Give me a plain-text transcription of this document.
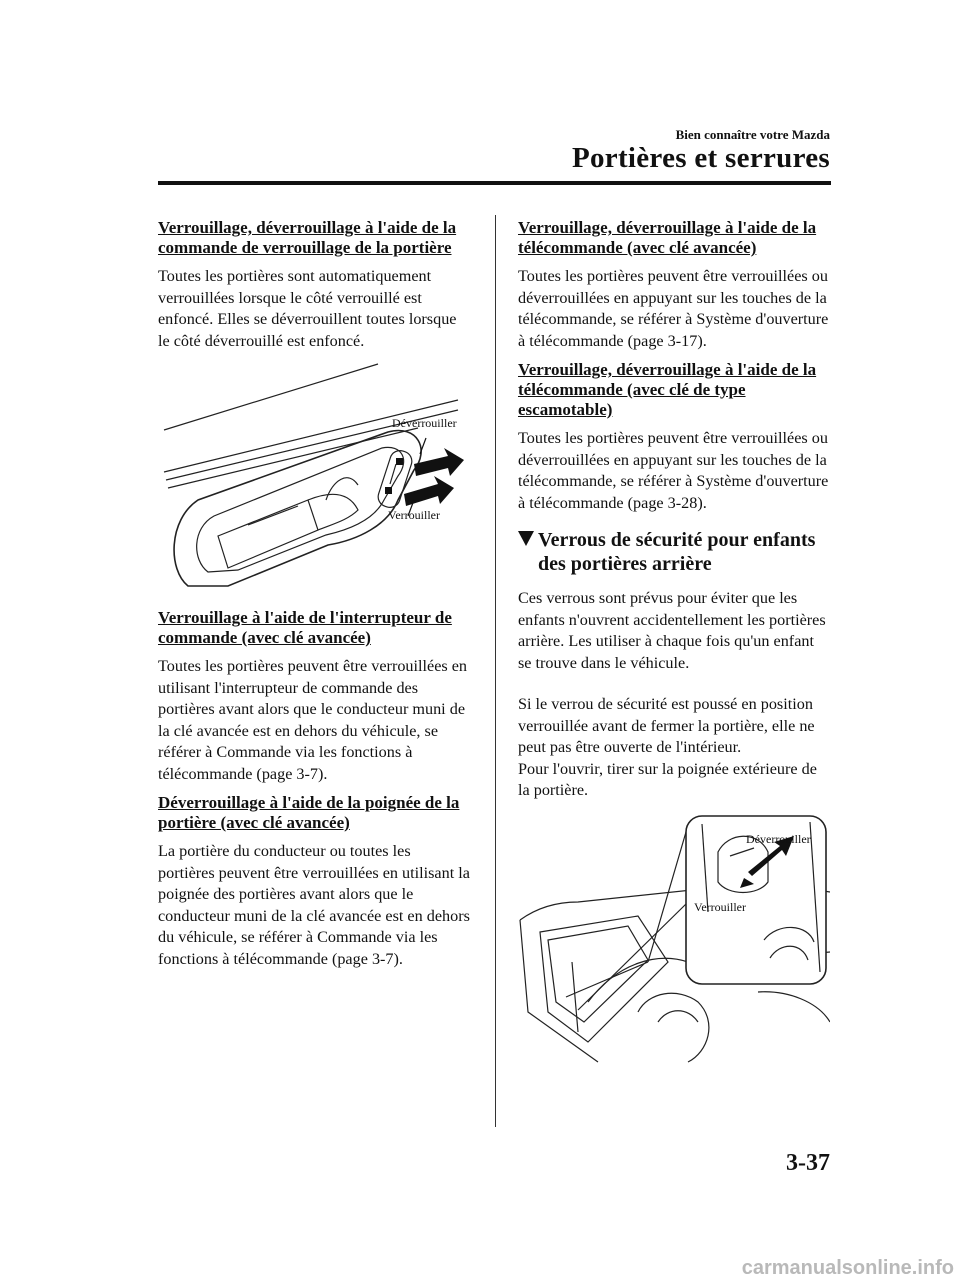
Bien connaître votre Mazda
Portières et serrures
Verrouillage, déverrouillage à l'aide de la commande de verrouillage de la portière
Toutes les portières sont automatiquement verrouillées lorsque le côté verrouillé est enfoncé. Elles se déverrouillent toutes lorsque le côté déverrouillé est enfoncé.
Déverrouiller
Verrouiller
Verrouillage à l'aide de l'interrupteur de commande (avec clé avancée)
Toutes les portières peuvent être verrouillées en utilisant l'interrupteur de commande des portières avant alors que le conducteur muni de la clé avancée est en dehors du véhicule, se référer à Commande via les fonctions à télécommande (page 3-7).
Déverrouillage à l'aide de la poignée de la portière (avec clé avancée)
La portière du conducteur ou toutes les portières peuvent être verrouillées en utilisant la poignée des portières avant alors que le conducteur muni de la clé avancée est en dehors du véhicule, se référer à Commande via les fonctions à télécommande (page 3-7).
Verrouillage, déverrouillage à l'aide de la télécommande (avec clé avancée)
Toutes les portières peuvent être verrouillées ou déverrouillées en appuyant sur les touches de la télécommande, se référer à Système d'ouverture à télécommande (page 3-17).
Verrouillage, déverrouillage à l'aide de la télécommande (avec clé de type escamotable)
Toutes les portières peuvent être verrouillées ou déverrouillées en appuyant sur les touches de la télécommande, se référer à Système d'ouverture à télécommande (page 3-28).
Verrous de sécurité pour enfants des portières arrière
Ces verrous sont prévus pour éviter que les enfants n'ouvrent accidentellement les portières arrière. Les utiliser à chaque fois qu'un enfant se trouve dans le véhicule.
Si le verrou de sécurité est poussé en position verrouillée avant de fermer la portière, elle ne peut pas être ouverte de l'intérieur.
Pour l'ouvrir, tirer sur la poignée extérieure de la portière.
Déverrouiller
Verrouiller
3-37
carmanualsonline.info
